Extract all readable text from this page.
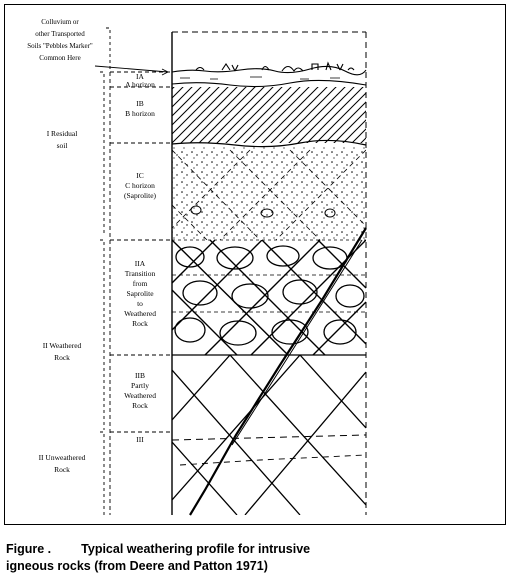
Colluvium or
other Transported
Soils "Pebbles Marker"
Common Here
I Residual
soil
II Weathered
Rock
II Unweathered
Rock
IA
A horizon
IB
B horizon
IC
C horizon
(Saprolite)
IIA
Transition
from
Saprolite
to
Weathered
Rock
IIB
Partly
Weathered
Rock
III

Figure . Typical weathering profile for intrusive
igneous rocks (from Deere and Patton 1971)
